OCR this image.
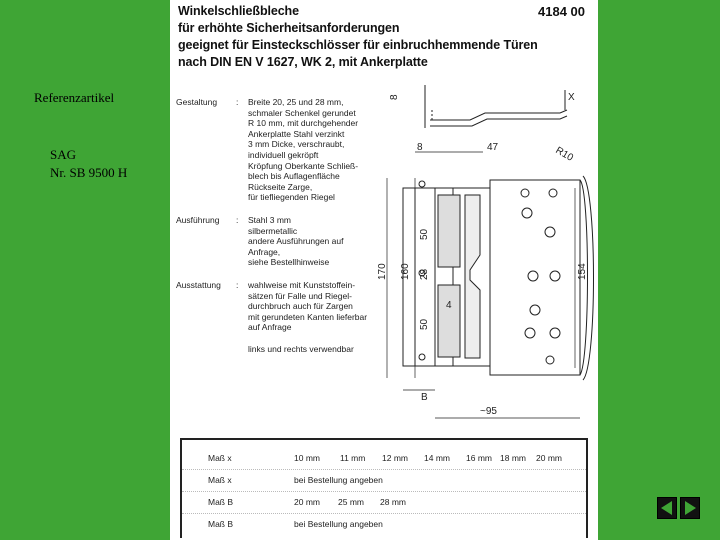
Referenzartikel
SAG
Nr. SB 9500 H
Winkelschließbleche
für erhöhte Sicherheitsanforderungen
geeignet für Einsteckschlösser für einbruchhemmende Türen
nach DIN EN V 1627, WK 2, mit Ankerplatte
4184 00
Gestaltung : Breite 20, 25 und 28 mm,
schmaler Schenkel gerundet
R 10 mm, mit durchgehender
Ankerplatte Stahl verzinkt
3 mm Dicke, verschraubt,
individuell gekröpft
Kröpfung Oberkante Schließ-
blech bis Auflagenfläche
Rückseite Zarge,
für tiefliegenden Riegel
Ausführung : Stahl 3 mm
silbermetallic
andere Ausführungen auf
Anfrage,
siehe Bestellhinweise
Ausstattung : wahlweise mit Kunststoffein-
sätzen für Falle und Riegel-
durchbruch auch für Zargen
mit gerundeten Kanten lieferbar
auf Anfrage

links und rechts verwendbar
8	X
8	47	R10
50
28
50
160
170	154
4
B
~95
Maß x	10 mm 11 mm 12 mm 14 mm 16 mm 18 mm 20 mm
Maß x	bei Bestellung angeben
Maß B	20 mm 25 mm 28 mm
Maß B	bei Bestellung angeben
